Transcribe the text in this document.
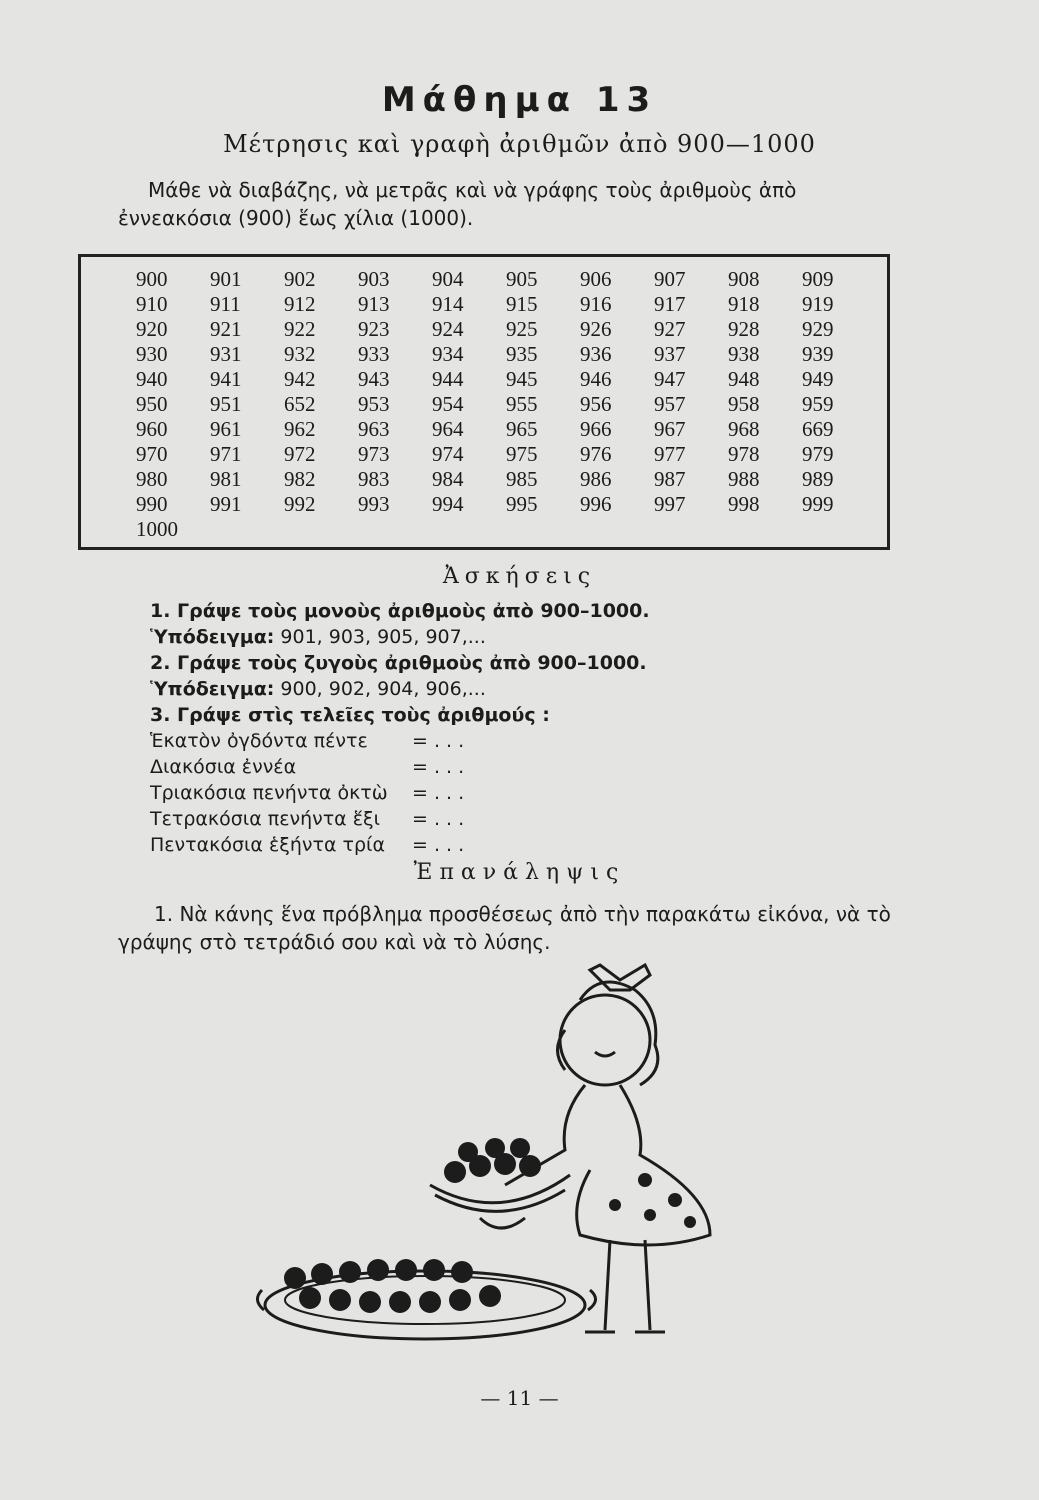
Μάθημα 13
Μέτρησις καὶ γραφὴ ἀριθμῶν ἀπὸ 900—1000
Μάθε νὰ διαβάζης, νὰ μετρᾶς καὶ νὰ γράφης τοὺς ἀριθμοὺς ἀπὸ ἐννεακόσια (900) ἕως χίλια (1000).
900	901	902	903	904	905	906	907	908	909
910	911	912	913	914	915	916	917	918	919
920	921	922	923	924	925	926	927	928	929
930	931	932	933	934	935	936	937	938	939
940	941	942	943	944	945	946	947	948	949
950	951	652	953	954	955	956	957	958	959
960	961	962	963	964	965	966	967	968	669
970	971	972	973	974	975	976	977	978	979
980	981	982	983	984	985	986	987	988	989
990	991	992	993	994	995	996	997	998	999
1000
Ἀσκήσεις
1. Γράψε τοὺς μονοὺς ἀριθμοὺς ἀπὸ 900–1000.
Ὑπόδειγμα: 901, 903, 905, 907,...
2. Γράψε τοὺς ζυγοὺς ἀριθμοὺς ἀπὸ 900–1000.
Ὑπόδειγμα: 900, 902, 904, 906,...
3. Γράψε στὶς τελεῖες τοὺς ἀριθμούς :
Ἑκατὸν ὀγδόντα πέντε	= . . .
Διακόσια ἐννέα	= . . .
Τριακόσια πενήντα ὀκτὼ	= . . .
Τετρακόσια πενήντα ἕξι	= . . .
Πεντακόσια ἑξήντα τρία	= . . .
Ἐπανάληψις
1. Νὰ κάνης ἕνα πρόβλημα προσθέσεως ἀπὸ τὴν παρακάτω εἰκόνα, νὰ τὸ γράψης στὸ τετράδιό σου καὶ νὰ τὸ λύσης.
— 11 —
